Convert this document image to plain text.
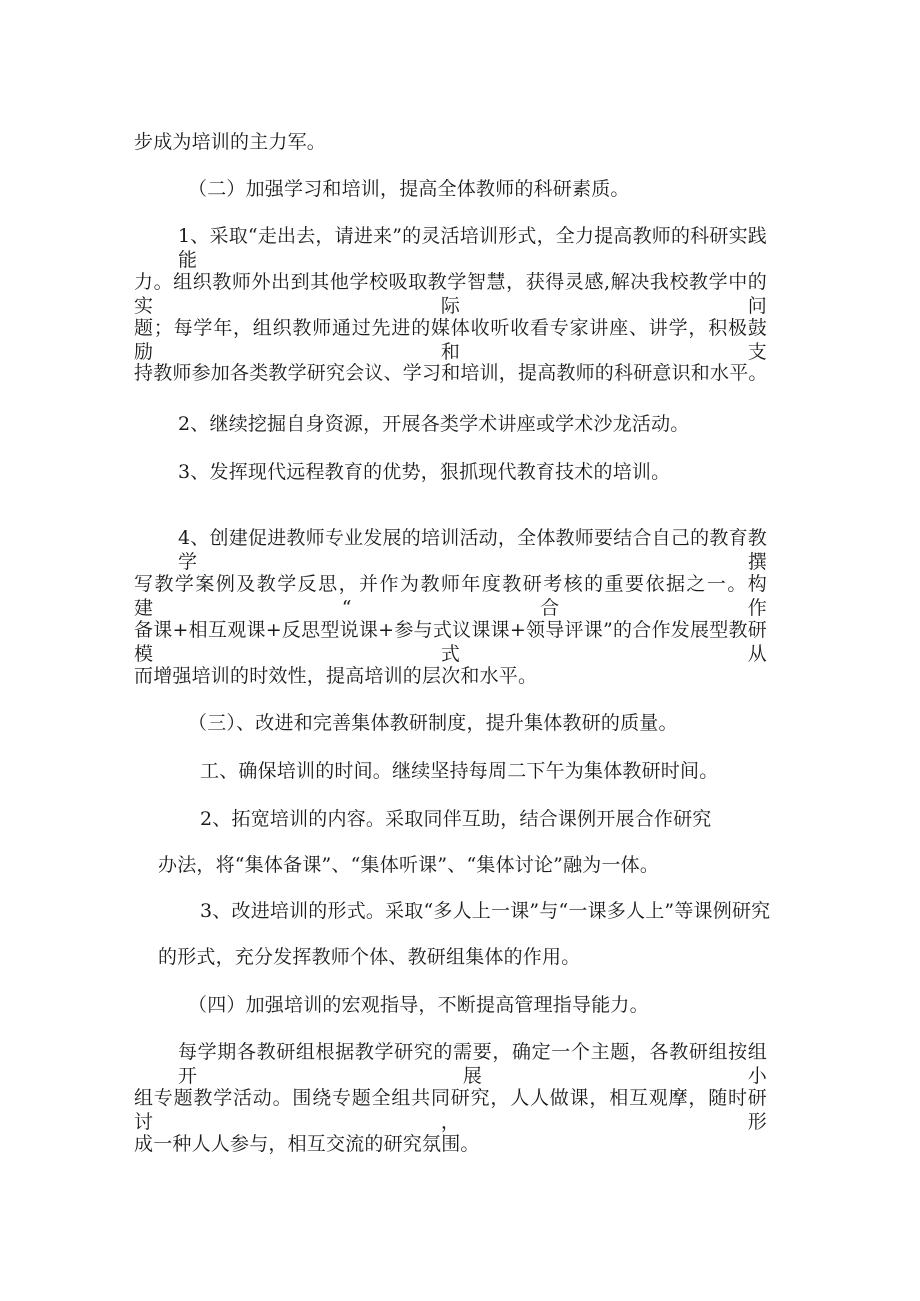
步成为培训的主力军。
（二）加强学习和培训，提高全体教师的科研素质。
1、采取“走出去，请进来”的灵活培训形式，全力提高教师的科研实践能
力。组织教师外出到其他学校吸取教学智慧，获得灵感,解决我校教学中的实际问
题；每学年，组织教师通过先进的媒体收听收看专家讲座、讲学，积极鼓励和支
持教师参加各类教学研究会议、学习和培训，提高教师的科研意识和水平。
2、继续挖掘自身资源，开展各类学术讲座或学术沙龙活动。
3、发挥现代远程教育的优势，狠抓现代教育技术的培训。
4、创建促进教师专业发展的培训活动，全体教师要结合自己的教育教学撰
写教学案例及教学反思，并作为教师年度教研考核的重要依据之一。构建“合作
备课+相互观课+反思型说课+参与式议课课+领导评课”的合作发展型教研模式从
而增强培训的时效性，提高培训的层次和水平。
（三）、改进和完善集体教研制度，提升集体教研的质量。
工、确保培训的时间。继续坚持每周二下午为集体教研时间。
2、拓宽培训的内容。采取同伴互助，结合课例开展合作研究
办法，将“集体备课”、“集体听课”、“集体讨论”融为一体。
3、改进培训的形式。采取“多人上一课”与“一课多人上”等课例研究
的形式，充分发挥教师个体、教研组集体的作用。
（四）加强培训的宏观指导，不断提高管理指导能力。
每学期各教研组根据教学研究的需要，确定一个主题，各教研组按组开展小
组专题教学活动。围绕专题全组共同研究，人人做课，相互观摩，随时研讨，形
成一种人人参与，相互交流的研究氛围。
